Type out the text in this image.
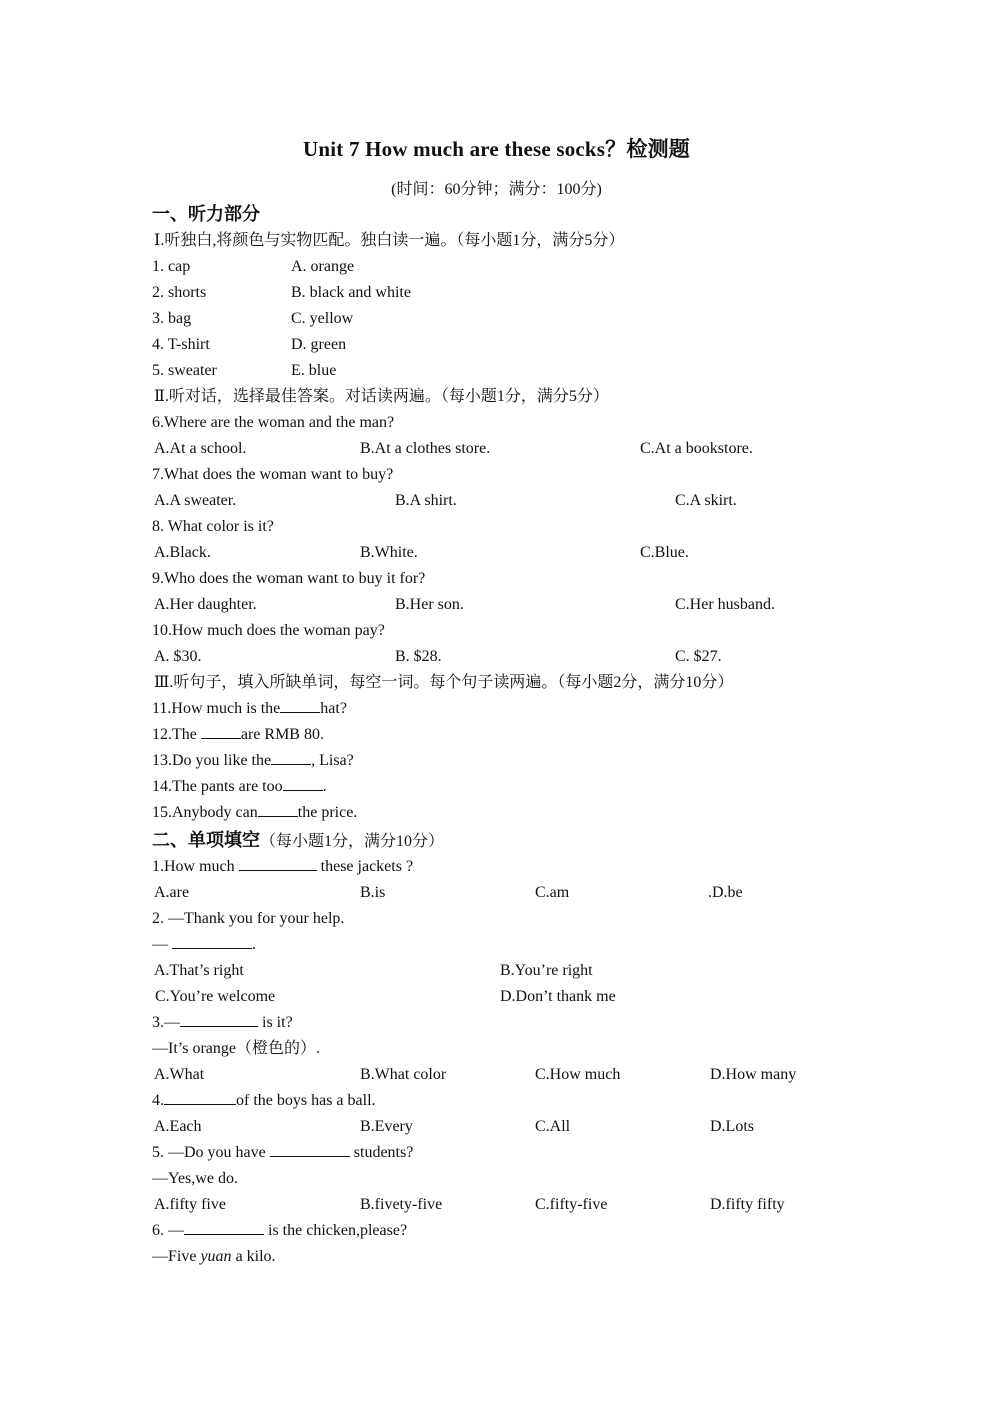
Unit 7 How much are these socks？检测题
(时间：60分钟；满分：100分)
一、听力部分
Ⅰ.听独白,将颜色与实物匹配。独白读一遍。（每小题1分，满分5分）
1. cap	A. orange
2. shorts	B. black and white
3. bag	C. yellow
4. T-shirt	D. green
5. sweater	E. blue
Ⅱ.听对话，选择最佳答案。对话读两遍。（每小题1分，满分5分）
6.Where are the woman and the man?
A.At a school.	B.At a clothes store.	C.At a bookstore.
7.What does the woman want to buy?
A.A sweater.	B.A shirt.	C.A skirt.
8. What color is it?
A.Black.	B.White.	C.Blue.
9.Who does the woman want to buy it for?
A.Her daughter.	B.Her son.	C.Her husband.
10.How much does the woman pay?
A. $30.	B. $28.	C. $27.
Ⅲ.听句子，填入所缺单词，每空一词。每个句子读两遍。（每小题2分，满分10分）
11.How much is the	hat?
12.The	are RMB 80.
13.Do you like the	, Lisa?
14.The pants are too	.
15.Anybody can	the price.
二、单项填空（每小题1分，满分10分）
1.How much	these jackets ?
A.are	B.is	C.am	.D.be
2. —Thank you for your help.
—	.
A.That’s right	B.You’re right
C.You’re welcome	D.Don’t thank me
3.—	is it?
—It’s orange（橙色的）.
A.What	B.What color	C.How much	D.How many
4.	of the boys has a ball.
A.Each	B.Every	C.All	D.Lots
5. —Do you have	students?
—Yes,we do.
A.fifty five	B.fivety-five	C.fifty-five	D.fifty fifty
6. —	is the chicken,please?
—Five yuan a kilo.
